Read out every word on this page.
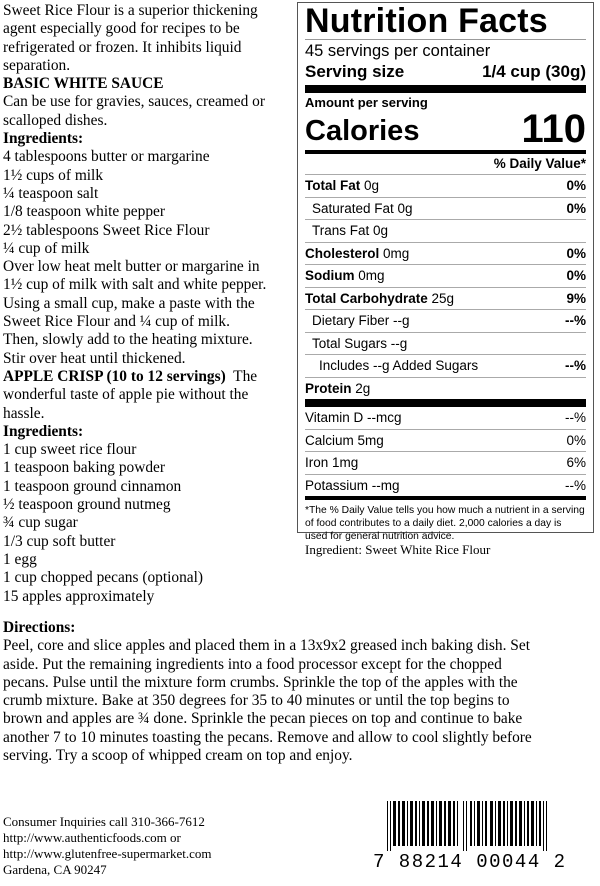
Sweet Rice Flour is a superior thickening
agent especially good for recipes to be
refrigerated or frozen. It inhibits liquid
separation.
BASIC WHITE SAUCE
Can be use for gravies, sauces, creamed or
scalloped dishes.
Ingredients:
4 tablespoons butter or margarine
1½ cups of milk
¼ teaspoon salt
1/8 teaspoon white pepper
2½ tablespoons Sweet Rice Flour
¼ cup of milk
Over low heat melt butter or margarine in
1½ cup of milk with salt and white pepper.
Using a small cup, make a paste with the
Sweet Rice Flour and ¼ cup of milk.
Then, slowly add to the heating mixture.
Stir over heat until thickened.
APPLE CRISP (10 to 12 servings)  The
wonderful taste of apple pie without the
hassle.
Ingredients:
1 cup sweet rice flour
1 teaspoon baking powder
1 teaspoon ground cinnamon
½ teaspoon ground nutmeg
¾ cup sugar
1/3 cup soft butter
1 egg
1 cup chopped pecans (optional)
15 apples approximately
Nutrition Facts
45 servings per container
Serving size	1/4 cup (30g)
Amount per serving
Calories	110
% Daily Value*
Total Fat 0g	0%
Saturated Fat 0g	0%
Trans Fat 0g
Cholesterol 0mg	0%
Sodium 0mg	0%
Total Carbohydrate 25g	9%
Dietary Fiber --g	--%
Total Sugars --g
Includes --g Added Sugars	--%
Protein 2g
Vitamin D --mcg	--%
Calcium 5mg	0%
Iron 1mg	6%
Potassium --mg	--%
*The % Daily Value tells you how much a nutrient in a serving of food contributes to a daily diet. 2,000 calories a day is used for general nutrition advice.
Ingredient: Sweet White Rice Flour
Directions:
Peel, core and slice apples and placed them in a 13x9x2 greased inch baking dish. Set
aside. Put the remaining ingredients into a food processor except for the chopped
pecans. Pulse until the mixture form crumbs. Sprinkle the top of the apples with the
crumb mixture. Bake at 350 degrees for 35 to 40 minutes or until the top begins to
brown and apples are ¾ done. Sprinkle the pecan pieces on top and continue to bake
another 7 to 10 minutes toasting the pecans. Remove and allow to cool slightly before
serving. Try a scoop of whipped cream on top and enjoy.
Consumer Inquiries call 310-366-7612
http://www.authenticfoods.com or
http://www.glutenfree-supermarket.com
Gardena, CA 90247	7 88214 00044 2
